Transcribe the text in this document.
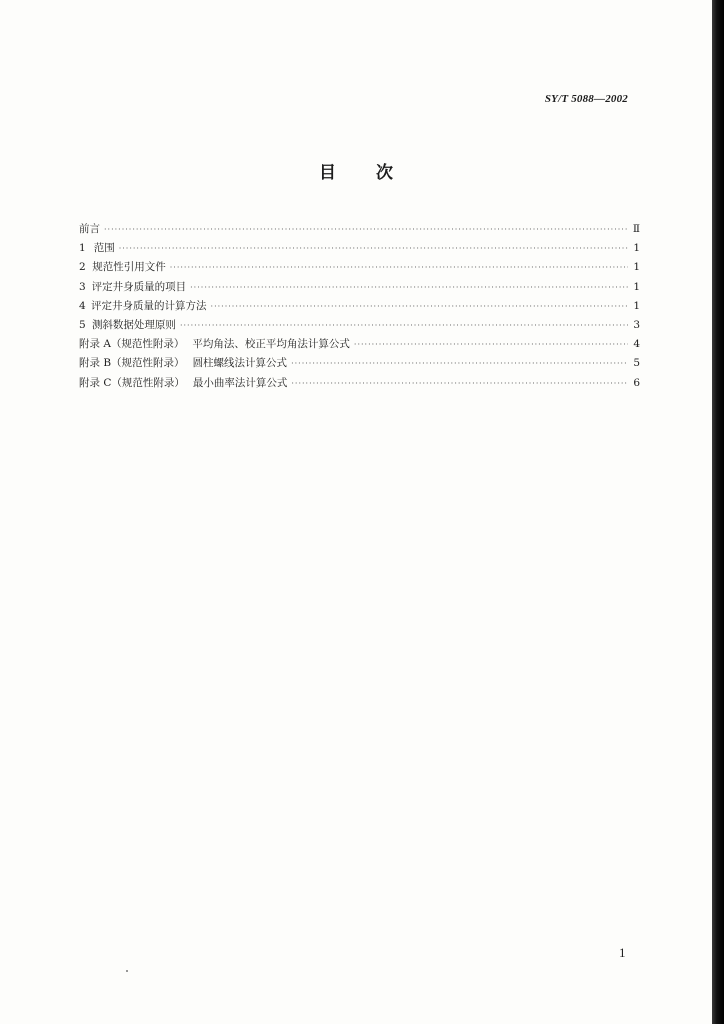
SY/T 5088—2002
目 次
前言 ·····	Ⅱ
1 范围 ·····	1
2 规范性引用文件 ·····	1
3 评定井身质量的项目 ·····	1
4 评定井身质量的计算方法 ·····	1
5 测斜数据处理原则 ·····	3
附录 A（规范性附录） 平均角法、校正平均角法计算公式 ·····	4
附录 B（规范性附录） 圆柱螺线法计算公式 ·····	5
附录 C（规范性附录） 最小曲率法计算公式 ·····	6
1
